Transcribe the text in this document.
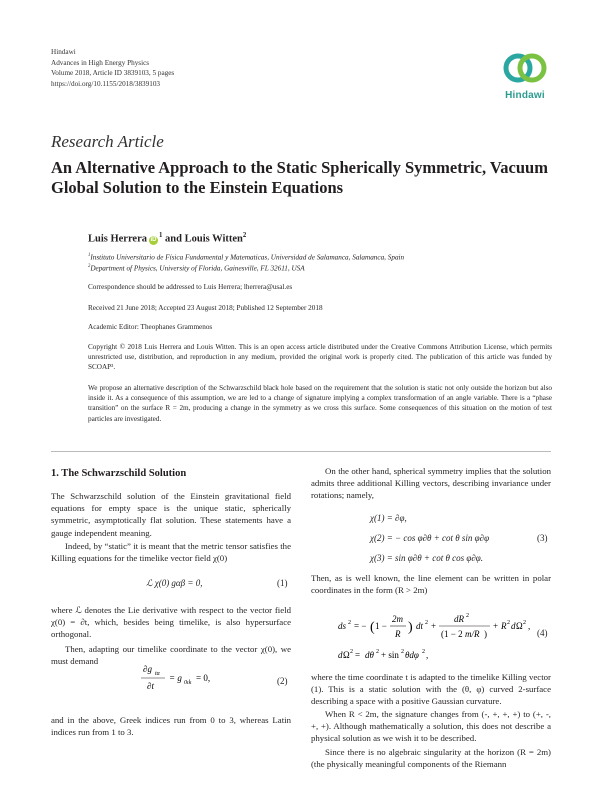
Hindawi
Advances in High Energy Physics
Volume 2018, Article ID 3839103, 5 pages
https://doi.org/10.1155/2018/3839103
Hindawi
Research Article
An Alternative Approach to the Static Spherically Symmetric, Vacuum Global Solution to the Einstein Equations
Luis Herrera $iD^1$ and Louis Witten$^2$
$^1$Instituto Universitario de Física Fundamental y Matematicas, Universidad de Salamanca, Salamanca, Spain
$^2$Department of Physics, University of Florida, Gainesville, FL 32611, USA
Correspondence should be addressed to Luis Herrera; lherrera@usal.es
Received 21 June 2018; Accepted 23 August 2018; Published 12 September 2018
Academic Editor: Theophanes Grammenos
Copyright © 2018 Luis Herrera and Louis Witten. This is an open access article distributed under the Creative Commons Attribution License, which permits unrestricted use, distribution, and reproduction in any medium, provided the original work is properly cited. The publication of this article was funded by SCOAP³.
We propose an alternative description of the Schwarzschild black hole based on the requirement that the solution is static not only outside the horizon but also inside it. As a consequence of this assumption, we are led to a change of signature implying a complex transformation of an angle variable. There is a “phase transition” on the surface R = 2m, producing a change in the symmetry as we cross this surface. Some consequences of this situation on the motion of test particles are investigated.
1. The Schwarzschild Solution
The Schwarzschild solution of the Einstein gravitational field equations for empty space is the unique static, spherically symmetric, asymptotically flat solution. These statements have a gauge independent meaning.
Indeed, by “static” it is meant that the metric tensor satisfies the Killing equations for the timelike vector field χ(0)
ℒ χ(0) gαβ = 0,	(1)
where ℒ denotes the Lie derivative with respect to the vector field χ(0) = ∂t, which, besides being timelike, is also hypersurface orthogonal.
Then, adapting our timelike coordinate to the vector χ(0), we must demand
∂g tα
∂t
= g 0ιk = 0,	(2)
and in the above, Greek indices run from 0 to 3, whereas Latin indices run from 1 to 3.
On the other hand, spherical symmetry implies that the solution admits three additional Killing vectors, describing invariance under rotations; namely,
χ(1) = ∂φ,
χ(2) = − cos φ∂θ + cot θ sin φ∂φ
χ(3) = sin φ∂θ + cot θ cos φ∂φ.
(3)
Then, as is well known, the line element can be written in polar coordinates in the form (R > 2m)
ds 2 = − ( 1 −
2m
R ) dt 2 +
dR 2
(1 − 2 m/R )
+ R 2 d Ω 2 ,
d Ω 2 = dθ 2 + sin 2 θdφ 2 ,
(4)
where the time coordinate t is adapted to the timelike Killing vector (1). This is a static solution with the (θ, φ) curved 2-surface describing a space with a positive Gaussian curvature.
When R < 2m, the signature changes from (-, +, +, +) to (+, -, +, +). Although mathematically a solution, this does not describe a physical solution as we wish it to be described.
Since there is no algebraic singularity at the horizon (R = 2m) (the physically meaningful components of the Riemann
